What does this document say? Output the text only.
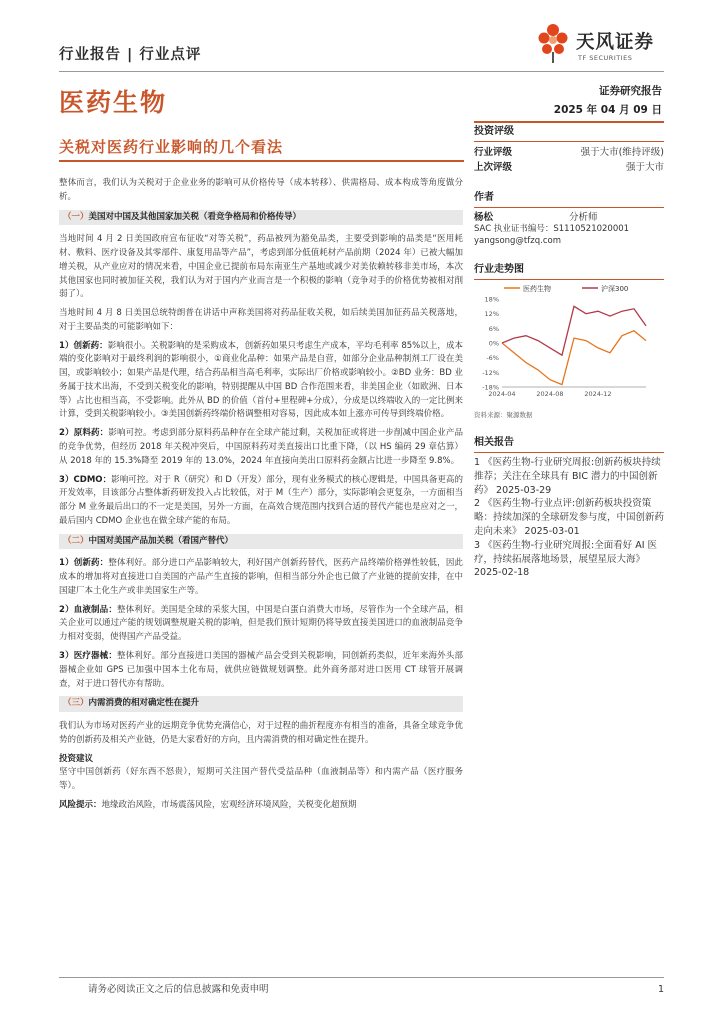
行业报告 | 行业点评
天风证券
TF SECURITIES
医药生物	证券研究报告
2025 年 04 月 09 日
关税对医药行业影响的几个看法

整体而言，我们认为关税对于企业业务的影响可从价格传导（成本转移）、供需格局、成本构成等角度做分析。

（一）美国对中国及其他国家加关税（看竞争格局和价格传导）

当地时间 4 月 2 日美国政府宣布征收“对等关税”，药品被列为豁免品类，主要受到影响的品类是“医用耗材、敷料、医疗设备及其零部件、康复用品等产品”，考虑到部分低值耗材产品前期（2024 年）已被大幅加增关税，从产业应对的情况来看，中国企业已提前布局东南亚生产基地或减少对美依赖转移非美市场，本次其他国家也同时被加征关税，我们认为对于国内产业而言是一个积极的影响（竞争对手的价格优势被相对削弱了）。

当地时间 4 月 8 日美国总统特朗普在讲话中声称美国将对药品征收关税，如后续美国加征药品关税落地，对于主要品类的可能影响如下：

1）创新药：影响很小。关税影响的是采购成本，创新药如果只考虑生产成本，平均毛利率 85%以上，成本端的变化影响对于最终利润的影响很小，①商业化品种：如果产品是自营，如部分企业品种制剂工厂设在美国，或影响较小；如果产品是代理，结合药品相当高毛利率，实际出厂价格或影响较小。②BD 业务：BD 业务属于技术出海，不受到关税变化的影响，特别提醒从中国 BD 合作范围来看，非美国企业（如欧洲、日本等）占比也相当高，不受影响。此外从 BD 的价值（首付+里程碑+分成），分成是以终端收入的一定比例来计算，受到关税影响较小。③美国创新药终端价格调整相对容易，因此成本如上涨亦可传导到终端价格。

2）原料药：影响可控。考虑到部分原料药品种存在全球产能过剩，关税加征或将进一步削减中国企业产品的竞争优势，但经历 2018 年关税冲突后，中国原料药对美直接出口比重下降，（以 HS 编码 29 章估算）从 2018 年的 15.3%降至 2019 年的 13.0%，2024 年直接向美出口原料药金额占比进一步降至 9.8%。

3）CDMO：影响可控。对于 R（研究）和 D（开发）部分，现有业务模式的核心逻辑是，中国具备更高的开发效率，目该部分占整体新药研发投入占比较低，对于 M（生产）部分，实际影响会更复杂，一方面相当部分 M 业务最后出口的不一定是美国，另外一方面，在高效合规范围内找到合适的替代产能也是应对之一，最后国内 CDMO 企业也在做全球产能的布局。

（二）中国对美国产品加关税（看国产替代）

1）创新药：整体利好。部分进口产品影响较大，利好国产创新药替代，医药产品终端价格弹性较低，因此成本的增加将对直接进口自美国的产品产生直接的影响，但相当部分外企也已做了产业链的提前安排，在中国建厂本土化生产或非美国家生产等。

2）血液制品：整体利好。美国是全球的采浆大国，中国是白蛋白消费大市场，尽管作为一个全球产品，相关企业可以通过产能的规划调整规避关税的影响，但是我们预计短期仍将导致直接美国进口的血液制品竞争力相对变弱，使得国产产品受益。

3）医疗器械：整体利好。部分直接进口美国的器械产品会受到关税影响，同创新药类似，近年来海外头部器械企业如 GPS 已加强中国本土化布局，就供应链做规划调整。此外商务部对进口医用 CT 球管开展调查，对于进口替代亦有帮助。

（三）内需消费的相对确定性在提升

我们认为市场对医药产业的远期竞争优势充满信心，对于过程的曲折程度亦有相当的准备，具备全球竞争优势的创新药及相关产业链，仍是大家看好的方向，且内需消费的相对确定性在提升。

投资建议

坚守中国创新药（好东西不怒贵），短期可关注国产替代受益品种（血液制品等）和内需产品（医疗服务等）。

风险提示：地缘政治风险，市场震荡风险，宏观经济环境风险，关税变化超预期

投资评级
行业评级	强于大市(维持评级)
上次评级	强于大市
作者
杨松	分析师
SAC 执业证书编号：S1110521020001
yangsong@tfzq.com
行业走势图
医药生物	沪深300
18%
12%
6%
0%
-6%
-12%
-18%
2024-04	2024-08	2024-12
资料来源：聚源数据
相关报告
1 《医药生物-行业研究周报:创新药板块持续推荐；关注在全球具有 BIC 潜力的中国创新药》 2025-03-29
2 《医药生物-行业点评:创新药板块投资策略：持续加深的全球研发参与度，中国创新药走向未来》 2025-03-01
3 《医药生物-行业研究周报:全面看好 AI 医疗，持续拓展落地场景，展望星辰大海》 2025-02-18
请务必阅读正文之后的信息披露和免责申明	1
